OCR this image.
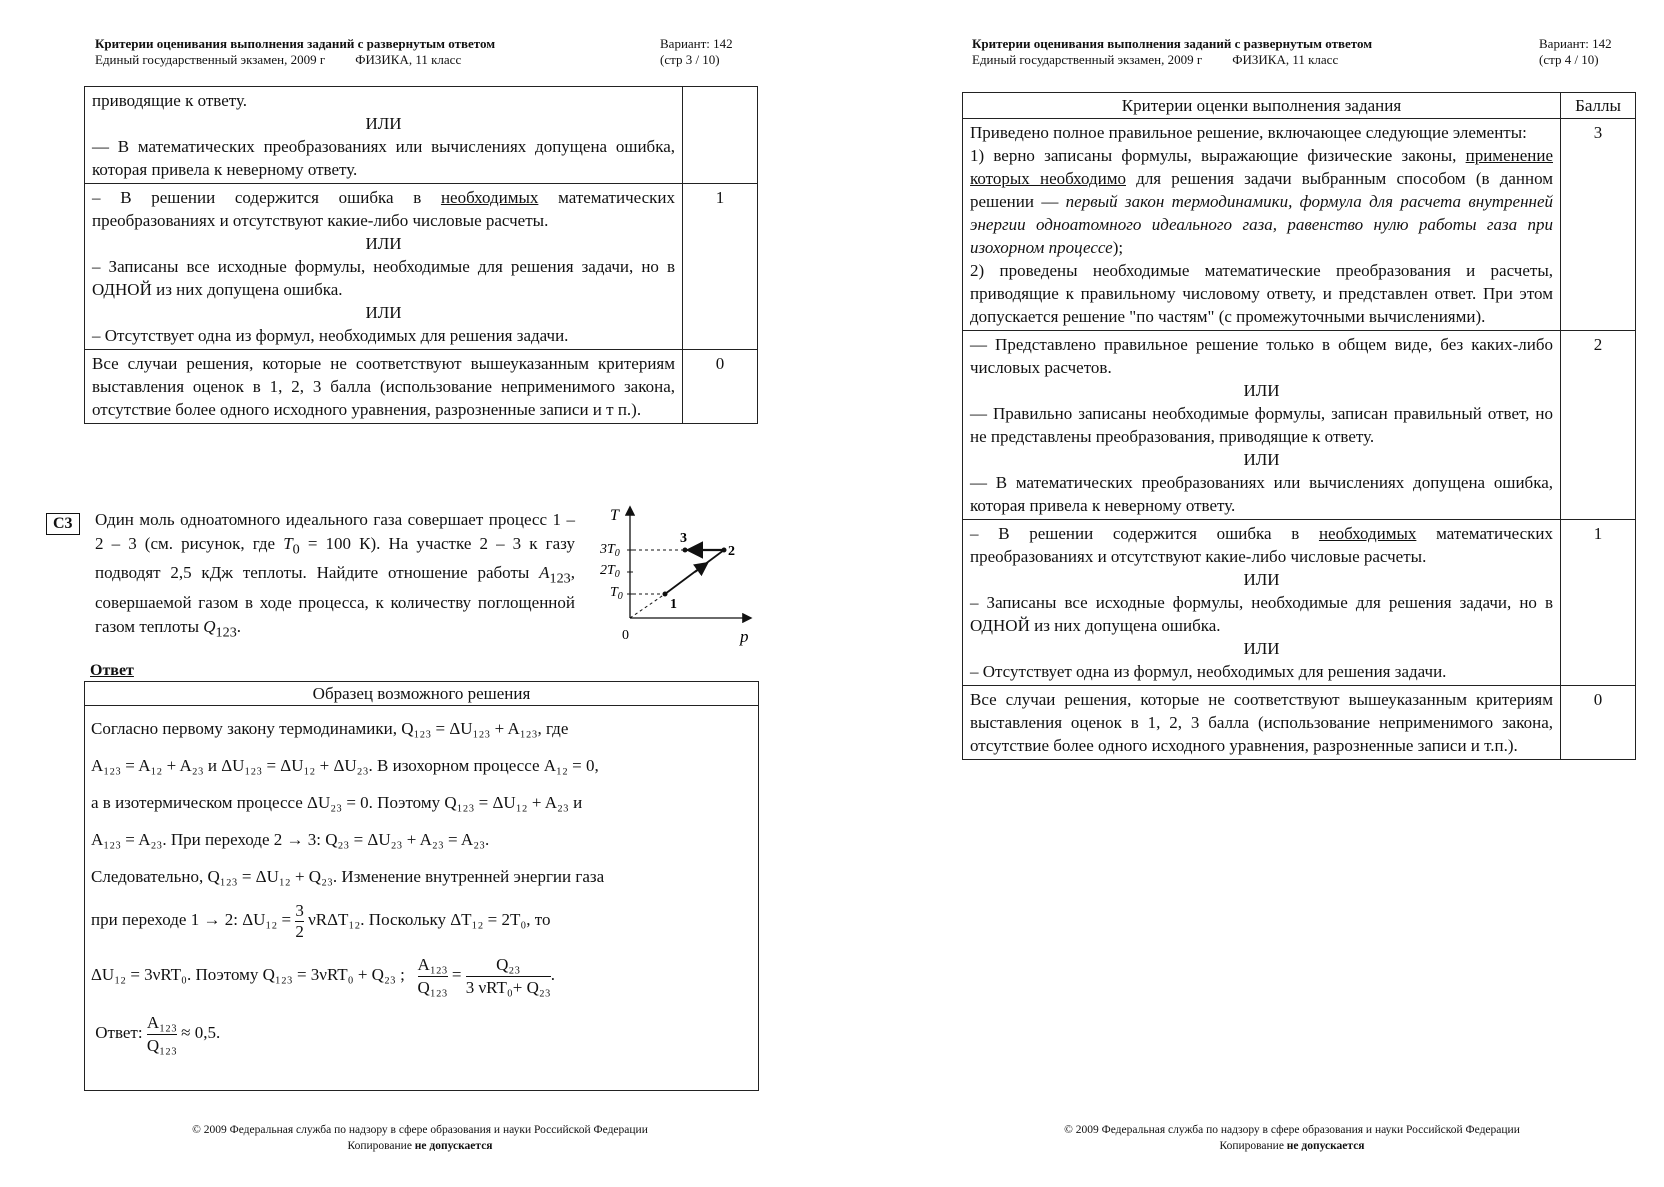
Критерии оценивания выполнения заданий с развернутым ответом
Единый государственный экзамен, 2009 г ФИЗИКА, 11 класс
Вариант: 142
(стр 3 / 10)
приводящие к ответу.
ИЛИ
— В математических преобразованиях или вычислениях допущена ошибка, которая привела к неверному ответу.	

– В решении содержится ошибка в необходимых математических преобразованиях и отсутствуют какие-либо числовые расчеты.
ИЛИ
– Записаны все исходные формулы, необходимые для решения задачи, но в ОДНОЙ из них допущена ошибка.
ИЛИ
– Отсутствует одна из формул, необходимых для решения задачи.	1
Все случаи решения, которые не соответствуют вышеуказанным критериям выставления оценок в 1, 2, 3 балла (использование неприменимого закона, отсутствие более одного исходного уравнения, разрозненные записи и т п.).	0
C3	Один моль одноатомного идеального газа совершает процесс 1 – 2 – 3 (см. рисунок, где $T_0 = 100$ К). На участке 2 – 3 к газу подводят 2,5 кДж теплоты. Найдите отношение работы $A_{123}$, совершаемой газом в ходе процесса, к количеству поглощенной газом теплоты $Q_{123}$.
T
p
0
$3T_0$
$2T_0$
$T_0$
1
2
3
Ответ
Образец возможного решения

Согласно первому закону термодинамики, Q₁₂₃ = ΔU₁₂₃ + A₁₂₃, где

A₁₂₃ = A₁₂ + A₂₃ и ΔU₁₂₃ = ΔU₁₂ + ΔU₂₃. В изохорном процессе A₁₂ = 0,

а в изотермическом процессе ΔU₂₃ = 0. Поэтому Q₁₂₃ = ΔU₁₂ + A₂₃ и

A₁₂₃ = A₂₃. При переходе 2 → 3: Q₂₃ = ΔU₂₃ + A₂₃ = A₂₃.

Следовательно, Q₁₂₃ = ΔU₁₂ + Q₂₃. Изменение внутренней энергии газа

при переходе 1 → 2: $\Delta U_{12} = \frac{3}{2} \nu R\Delta T_{12}$. Поскольку ΔT₁₂ = 2T₀, то

ΔU₁₂ = 3νRT₀. Поэтому Q₁₂₃ = 3νRT₀ + Q₂₃ ; $\frac{\text{A₁₂₃}}{\text{Q₁₂₃}}$ =
Q₂₃
3 νRT₀+ Q₂₃
.

Ответ: $\frac{\text{A₁₂₃}}{\text{Q₁₂₃}} \approx 0,5$.

© 2009 Федеральная служба по надзору в сфере образования и науки Российской Федерации
Копирование не допускается
Критерии оценивания выполнения заданий с развернутым ответом
Единый государственный экзамен, 2009 г ФИЗИКА, 11 класс
Вариант: 142
(стр 4 / 10)
Критерии оценки выполнения задания	Баллы

Приведено полное правильное решение, включающее следующие элементы:
1) верно записаны формулы, выражающие физические законы, применение которых необходимо для решения задачи выбранным способом (в данном решении — первый закон термодинамики, формула для расчета внутренней энергии одноатомного идеального газа, равенство нулю работы газа при изохорном процессе);
2) проведены необходимые математические преобразования и расчеты, приводящие к правильному числовому ответу, и представлен ответ. При этом допускается решение "по частям" (с промежуточными вычислениями).	3

— Представлено правильное решение только в общем виде, без каких-либо числовых расчетов.
ИЛИ
— Правильно записаны необходимые формулы, записан правильный ответ, но не представлены преобразования, приводящие к ответу.
ИЛИ
— В математических преобразованиях или вычислениях допущена ошибка, которая привела к неверному ответу.	2

– В решении содержится ошибка в необходимых математических преобразованиях и отсутствуют какие-либо числовые расчеты.
ИЛИ
– Записаны все исходные формулы, необходимые для решения задачи, но в ОДНОЙ из них допущена ошибка.
ИЛИ
– Отсутствует одна из формул, необходимых для решения задачи.	1
Все случаи решения, которые не соответствуют вышеуказанным критериям выставления оценок в 1, 2, 3 балла (использование неприменимого закона, отсутствие более одного исходного уравнения, разрозненные записи и т.п.).	0
© 2009 Федеральная служба по надзору в сфере образования и науки Российской Федерации
Копирование не допускается
